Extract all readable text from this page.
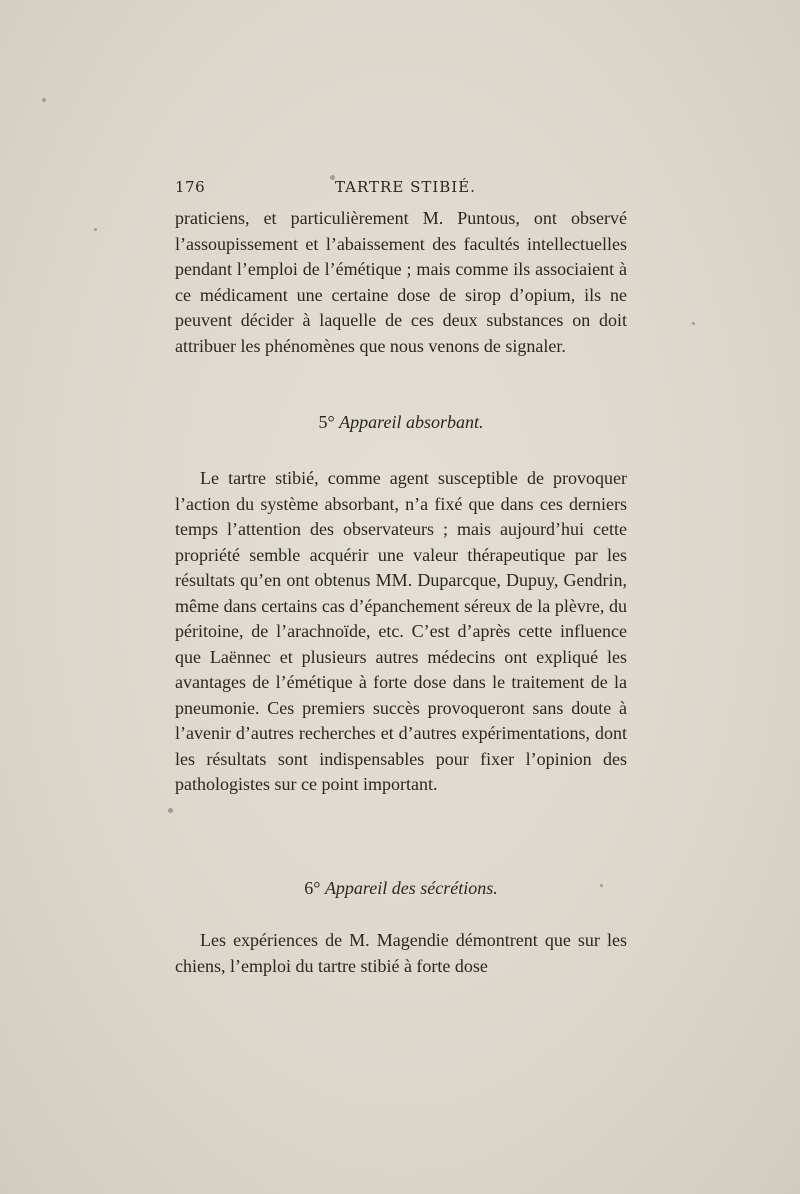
176	TARTRE STIBIÉ.

praticiens, et particulièrement M. Puntous, ont observé l’assoupissement et l’abaissement des facultés intellectuelles pendant l’emploi de l’émétique ; mais comme ils associaient à ce médicament une certaine dose de sirop d’opium, ils ne peuvent décider à laquelle de ces deux substances on doit attribuer les phénomènes que nous venons de signaler.

5° Appareil absorbant.

Le tartre stibié, comme agent susceptible de provoquer l’action du système absorbant, n’a fixé que dans ces derniers temps l’attention des observateurs ; mais aujourd’hui cette propriété semble acquérir une valeur thérapeutique par les résultats qu’en ont obtenus MM. Duparcque, Dupuy, Gendrin, même dans certains cas d’épanchement séreux de la plèvre, du péritoine, de l’arachnoïde, etc. C’est d’après cette influence que Laënnec et plusieurs autres médecins ont expliqué les avantages de l’émétique à forte dose dans le traitement de la pneumonie. Ces premiers succès provoqueront sans doute à l’avenir d’autres recherches et d’autres expérimentations, dont les résultats sont indispensables pour fixer l’opinion des pathologistes sur ce point important.

6° Appareil des sécrétions.

Les expériences de M. Magendie démontrent que sur les chiens, l’emploi du tartre stibié à forte dose
